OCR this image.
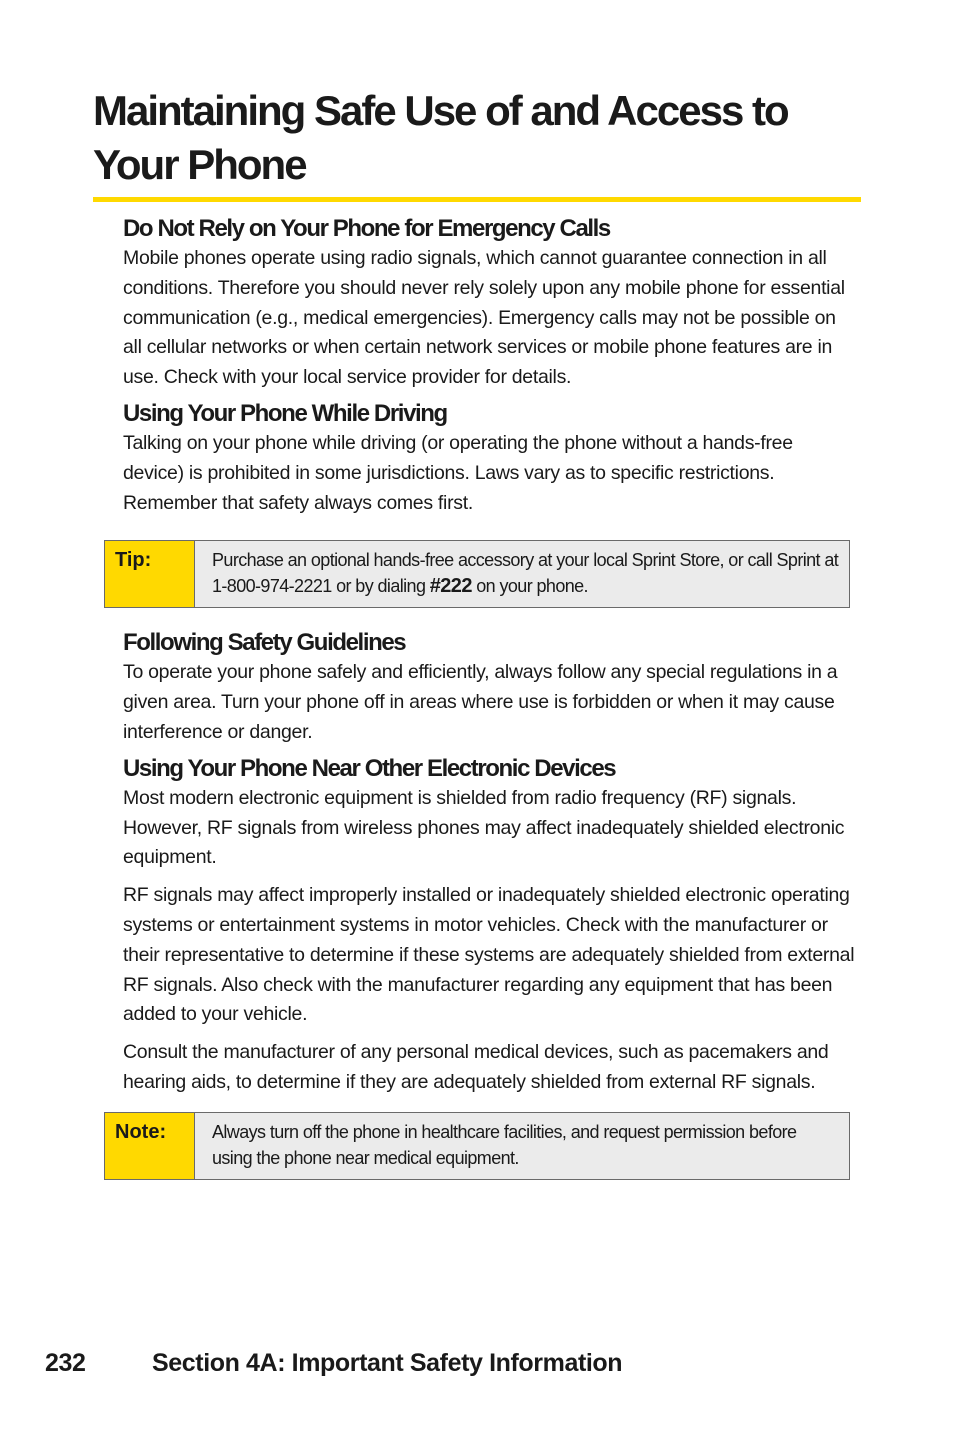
Maintaining Safe Use of and Access to Your Phone
Do Not Rely on Your Phone for Emergency Calls

Mobile phones operate using radio signals, which cannot guarantee connection in all conditions. Therefore you should never rely solely upon any mobile phone for essential communication (e.g., medical emergencies). Emergency calls may not be possible on all cellular networks or when certain network services or mobile phone features are in use. Check with your local service provider for details.

Using Your Phone While Driving

Talking on your phone while driving (or operating the phone without a hands-free device) is prohibited in some jurisdictions. Laws vary as to specific restrictions. Remember that safety always comes first.

Tip:	Purchase an optional hands-free accessory at your local Sprint Store, or call Sprint at 1-800-974-2221 or by dialing #222 on your phone.
Following Safety Guidelines

To operate your phone safely and efficiently, always follow any special regulations in a given area. Turn your phone off in areas where use is forbidden or when it may cause interference or danger.

Using Your Phone Near Other Electronic Devices

Most modern electronic equipment is shielded from radio frequency (RF) signals. However, RF signals from wireless phones may affect inadequately shielded electronic equipment.

RF signals may affect improperly installed or inadequately shielded electronic operating systems or entertainment systems in motor vehicles. Check with the manufacturer or their representative to determine if these systems are adequately shielded from external RF signals. Also check with the manufacturer regarding any equipment that has been added to your vehicle.

Consult the manufacturer of any personal medical devices, such as pacemakers and hearing aids, to determine if they are adequately shielded from external RF signals.

Note:	Always turn off the phone in healthcare facilities, and request permission before using the phone near medical equipment.
232	Section 4A: Important Safety Information
